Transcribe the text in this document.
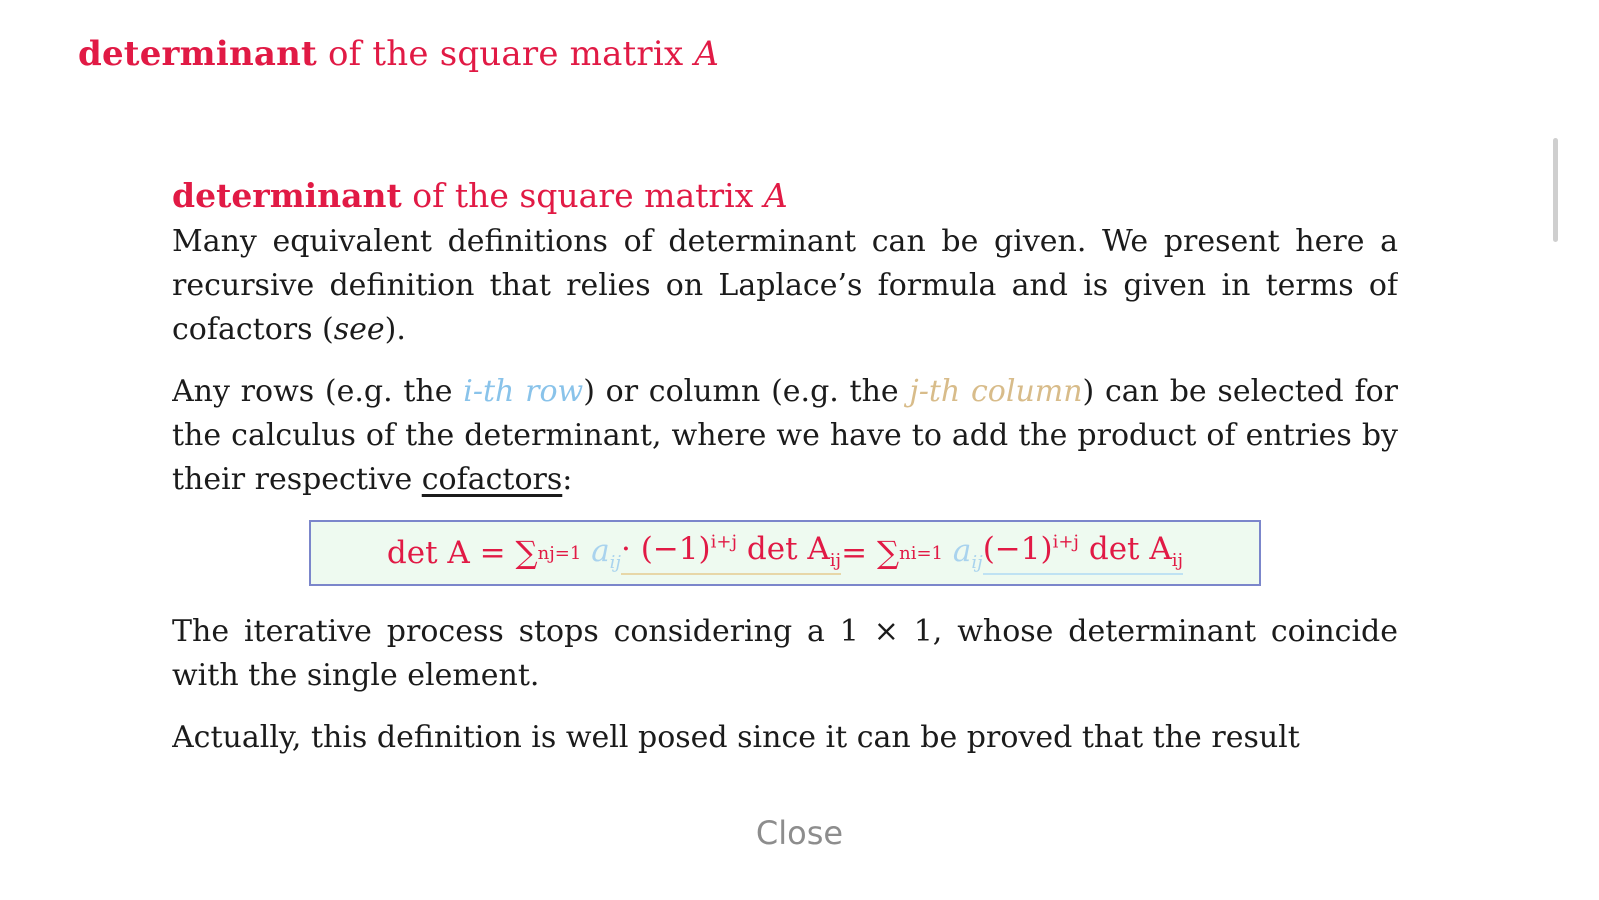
determinant of the square matrix A
determinant of the square matrix A

Many equivalent definitions of determinant can be given. We present here a recursive definition that relies on Laplace’s formula and is given in terms of cofactors (see).

Any rows (e.g. the i-th row) or column (e.g. the j-th column) can be selected for the calculus of the determinant, where we have to add the product of entries by their respective cofactors:

det A = ∑ n j=1
$a_{ij} \cdot (-1)^{i+j}$ $\det A_{ij}$ = ∑ n i=1
$a_{ij}$ $(-1)^{i+j}$ $\det A_{ij}$

The iterative process stops considering a 1 × 1, whose determinant coincide with the single element.

Actually, this definition is well posed since it can be proved that the result

Close
